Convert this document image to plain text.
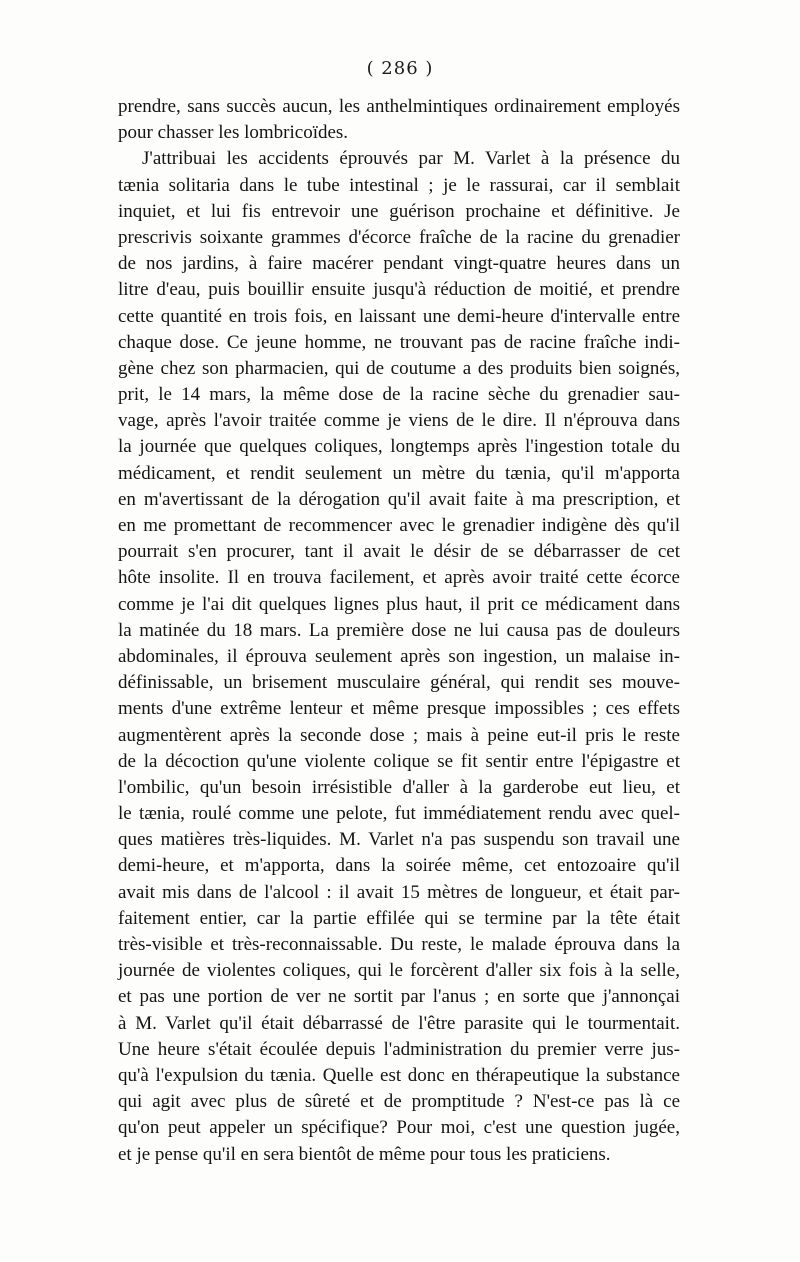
( 286 )
prendre, sans succès aucun, les anthelmintiques ordinairement employés
pour chasser les lombricoïdes.
J'attribuai les accidents éprouvés par M. Varlet à la présence du
tænia solitaria dans le tube intestinal ; je le rassurai, car il semblait
inquiet, et lui fis entrevoir une guérison prochaine et définitive. Je
prescrivis soixante grammes d'écorce fraîche de la racine du grenadier
de nos jardins, à faire macérer pendant vingt-quatre heures dans un
litre d'eau, puis bouillir ensuite jusqu'à réduction de moitié, et prendre
cette quantité en trois fois, en laissant une demi-heure d'intervalle entre
chaque dose. Ce jeune homme, ne trouvant pas de racine fraîche indi-
gène chez son pharmacien, qui de coutume a des produits bien soignés,
prit, le 14 mars, la même dose de la racine sèche du grenadier sau-
vage, après l'avoir traitée comme je viens de le dire. Il n'éprouva dans
la journée que quelques coliques, longtemps après l'ingestion totale du
médicament, et rendit seulement un mètre du tænia, qu'il m'apporta
en m'avertissant de la dérogation qu'il avait faite à ma prescription, et
en me promettant de recommencer avec le grenadier indigène dès qu'il
pourrait s'en procurer, tant il avait le désir de se débarrasser de cet
hôte insolite. Il en trouva facilement, et après avoir traité cette écorce
comme je l'ai dit quelques lignes plus haut, il prit ce médicament dans
la matinée du 18 mars. La première dose ne lui causa pas de douleurs
abdominales, il éprouva seulement après son ingestion, un malaise in-
définissable, un brisement musculaire général, qui rendit ses mouve-
ments d'une extrême lenteur et même presque impossibles ; ces effets
augmentèrent après la seconde dose ; mais à peine eut-il pris le reste
de la décoction qu'une violente colique se fit sentir entre l'épigastre et
l'ombilic, qu'un besoin irrésistible d'aller à la garderobe eut lieu, et
le tænia, roulé comme une pelote, fut immédiatement rendu avec quel-
ques matières très-liquides. M. Varlet n'a pas suspendu son travail une
demi-heure, et m'apporta, dans la soirée même, cet entozoaire qu'il
avait mis dans de l'alcool : il avait 15 mètres de longueur, et était par-
faitement entier, car la partie effilée qui se termine par la tête était
très-visible et très-reconnaissable. Du reste, le malade éprouva dans la
journée de violentes coliques, qui le forcèrent d'aller six fois à la selle,
et pas une portion de ver ne sortit par l'anus ; en sorte que j'annonçai
à M. Varlet qu'il était débarrassé de l'être parasite qui le tourmentait.
Une heure s'était écoulée depuis l'administration du premier verre jus-
qu'à l'expulsion du tænia. Quelle est donc en thérapeutique la substance
qui agit avec plus de sûreté et de promptitude ? N'est-ce pas là ce
qu'on peut appeler un spécifique? Pour moi, c'est une question jugée,
et je pense qu'il en sera bientôt de même pour tous les praticiens.
